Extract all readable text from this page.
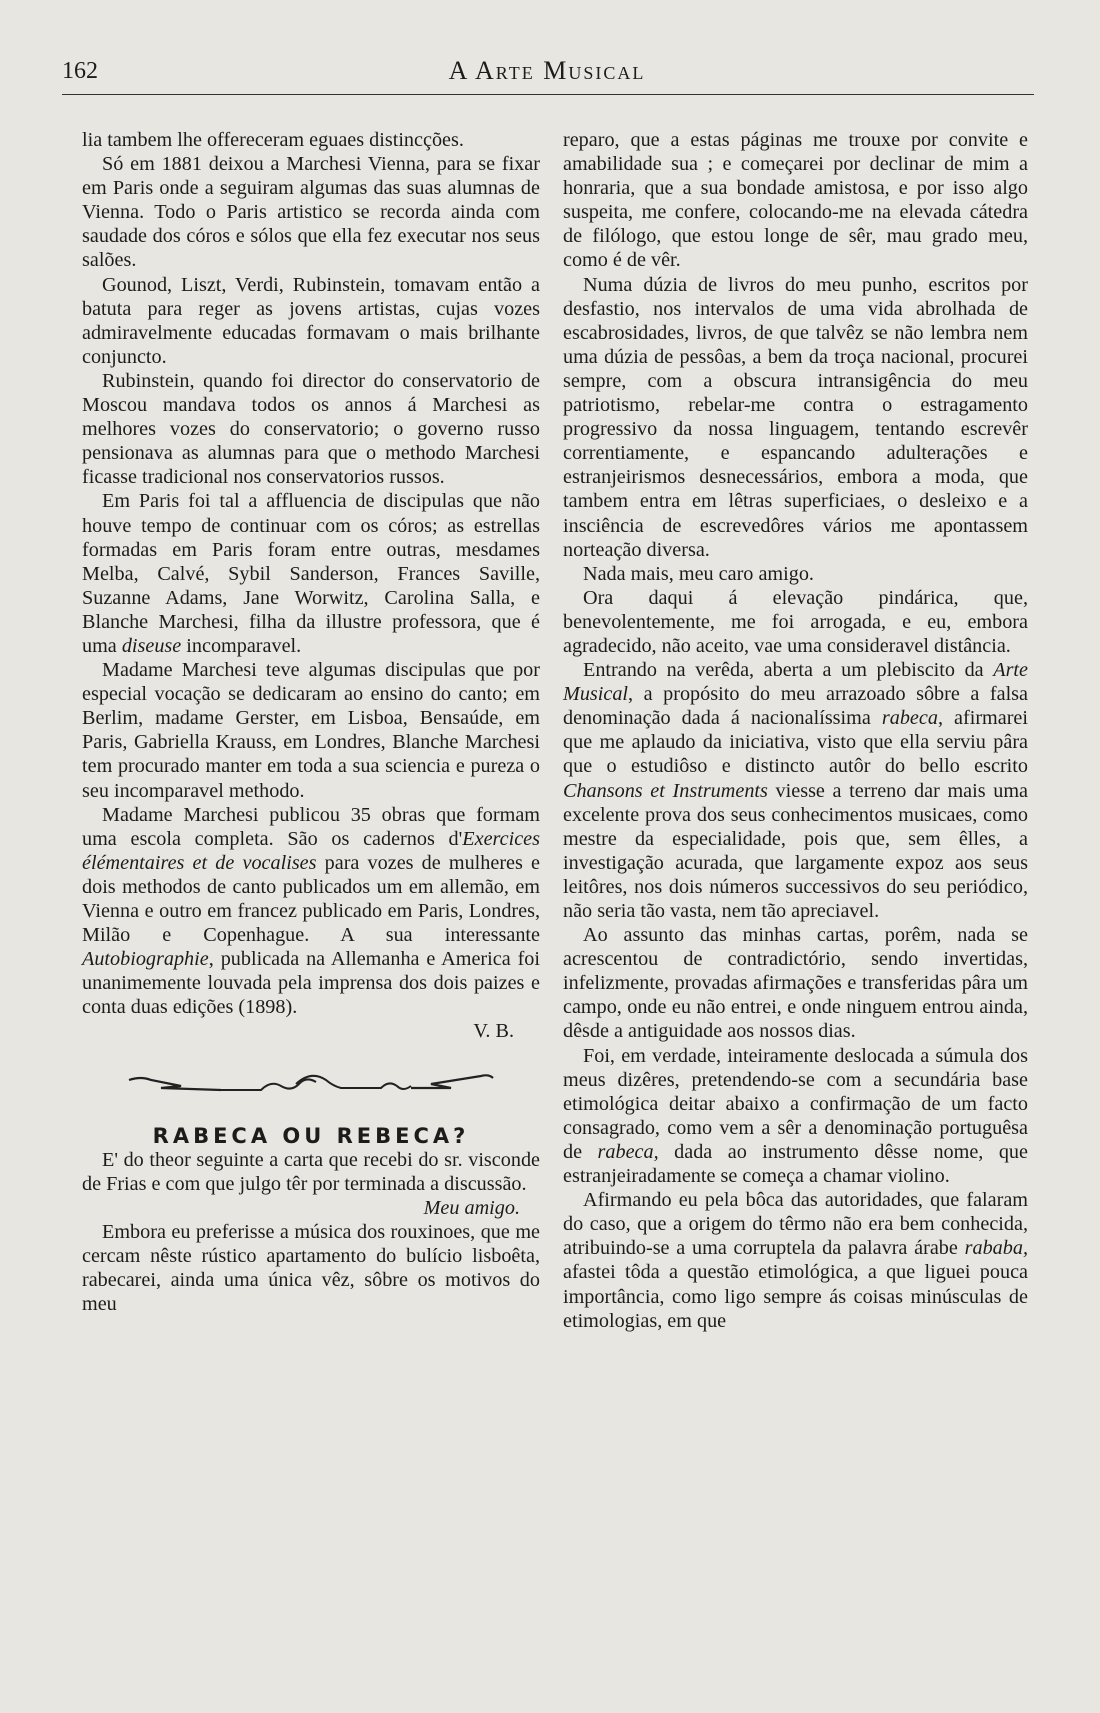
162	A Arte Musical

lia tambem lhe offereceram eguaes distincções.

Só em 1881 deixou a Marchesi Vienna, para se fixar em Paris onde a seguiram algumas das suas alumnas de Vienna. Todo o Paris artistico se recorda ainda com saudade dos córos e sólos que ella fez executar nos seus salões.

Gounod, Liszt, Verdi, Rubinstein, tomavam então a batuta para reger as jovens artistas, cujas vozes admiravelmente educadas formavam o mais brilhante conjuncto.

Rubinstein, quando foi director do conservatorio de Moscou mandava todos os annos á Marchesi as melhores vozes do conservatorio; o governo russo pensionava as alumnas para que o methodo Marchesi ficasse tradicional nos conservatorios russos.

Em Paris foi tal a affluencia de discipulas que não houve tempo de continuar com os córos; as estrellas formadas em Paris foram entre outras, mesdames Melba, Calvé, Sybil Sanderson, Frances Saville, Suzanne Adams, Jane Worwitz, Carolina Salla, e Blanche Marchesi, filha da illustre professora, que é uma diseuse incomparavel.

Madame Marchesi teve algumas discipulas que por especial vocação se dedicaram ao ensino do canto; em Berlim, madame Gerster, em Lisboa, Bensaúde, em Paris, Gabriella Krauss, em Londres, Blanche Marchesi tem procurado manter em toda a sua sciencia e pureza o seu incomparavel methodo.

Madame Marchesi publicou 35 obras que formam uma escola completa. São os cadernos d'Exercices élémentaires et de vocalises para vozes de mulheres e dois methodos de canto publicados um em allemão, em Vienna e outro em francez publicado em Paris, Londres, Milão e Copenhague. A sua interessante Autobiographie, publicada na Allemanha e America foi unanimemente louvada pela imprensa dos dois paizes e conta duas edições (1898).

V. B.

RABECA OU REBECA?

E' do theor seguinte a carta que recebi do sr. visconde de Frias e com que julgo têr por terminada a discussão.

Meu amigo.

Embora eu preferisse a música dos rouxinoes, que me cercam nêste rústico apartamento do bulício lisboêta, rabecarei, ainda uma única vêz, sôbre os motivos do meu

reparo, que a estas páginas me trouxe por convite e amabilidade sua ; e começarei por declinar de mim a honraria, que a sua bondade amistosa, e por isso algo suspeita, me confere, colocando-me na elevada cátedra de filólogo, que estou longe de sêr, mau grado meu, como é de vêr.

Numa dúzia de livros do meu punho, escritos por desfastio, nos intervalos de uma vida abrolhada de escabrosidades, livros, de que talvêz se não lembra nem uma dúzia de pessôas, a bem da troça nacional, procurei sempre, com a obscura intransigência do meu patriotismo, rebelar-me contra o estragamento progressivo da nossa linguagem, tentando escrevêr correntiamente, e espancando adulterações e estranjeirismos desnecessários, embora a moda, que tambem entra em lêtras superficiaes, o desleixo e a insciência de escrevedôres vários me apontassem norteação diversa.

Nada mais, meu caro amigo.

Ora daqui á elevação pindárica, que, benevolentemente, me foi arrogada, e eu, embora agradecido, não aceito, vae uma consideravel distância.

Entrando na verêda, aberta a um plebiscito da Arte Musical, a propósito do meu arrazoado sôbre a falsa denominação dada á nacionalíssima rabeca, afirmarei que me aplaudo da iniciativa, visto que ella serviu pâra que o estudiôso e distincto autôr do bello escrito Chansons et Instruments viesse a terreno dar mais uma excelente prova dos seus conhecimentos musicaes, como mestre da especialidade, pois que, sem êlles, a investigação acurada, que largamente expoz aos seus leitôres, nos dois números successivos do seu periódico, não seria tão vasta, nem tão apreciavel.

Ao assunto das minhas cartas, porêm, nada se acrescentou de contradictório, sendo invertidas, infelizmente, provadas afirmações e transferidas pâra um campo, onde eu não entrei, e onde ninguem entrou ainda, dêsde a antiguidade aos nossos dias.

Foi, em verdade, inteiramente deslocada a súmula dos meus dizêres, pretendendo-se com a secundária base etimológica deitar abaixo a confirmação de um facto consagrado, como vem a sêr a denominação portuguêsa de rabeca, dada ao instrumento dêsse nome, que estranjeiradamente se começa a chamar violino.

Afirmando eu pela bôca das autoridades, que falaram do caso, que a origem do têrmo não era bem conhecida, atribuindo-se a uma corruptela da palavra árabe rababa, afastei tôda a questão etimológica, a que liguei pouca importância, como ligo sempre ás coisas minúsculas de etimologias, em que
